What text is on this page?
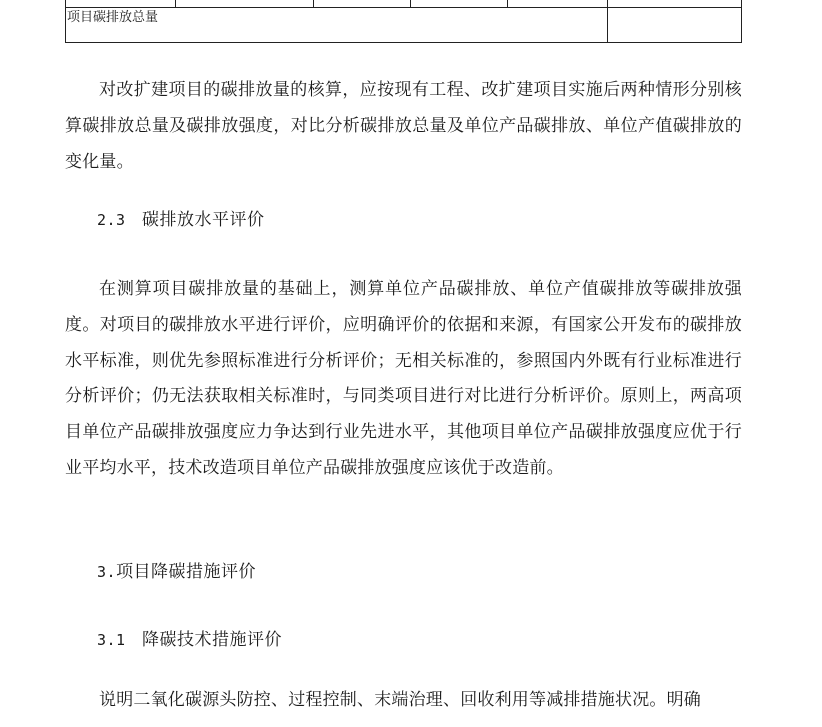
项目碳排放总量					

对改扩建项目的碳排放量的核算，应按现有工程、改扩建项目实施后两种情形分别核算碳排放总量及碳排放强度，对比分析碳排放总量及单位产品碳排放、单位产值碳排放的变化量。

2.3 碳排放水平评价

在测算项目碳排放量的基础上，测算单位产品碳排放、单位产值碳排放等碳排放强度。对项目的碳排放水平进行评价，应明确评价的依据和来源，有国家公开发布的碳排放水平标准，则优先参照标准进行分析评价；无相关标准的，参照国内外既有行业标准进行分析评价；仍无法获取相关标准时，与同类项目进行对比进行分析评价。原则上，两高项目单位产品碳排放强度应力争达到行业先进水平，其他项目单位产品碳排放强度应优于行业平均水平，技术改造项目单位产品碳排放强度应该优于改造前。

3.项目降碳措施评价
3.1 降碳技术措施评价

说明二氧化碳源头防控、过程控制、末端治理、回收利用等减排措施状况。明确
